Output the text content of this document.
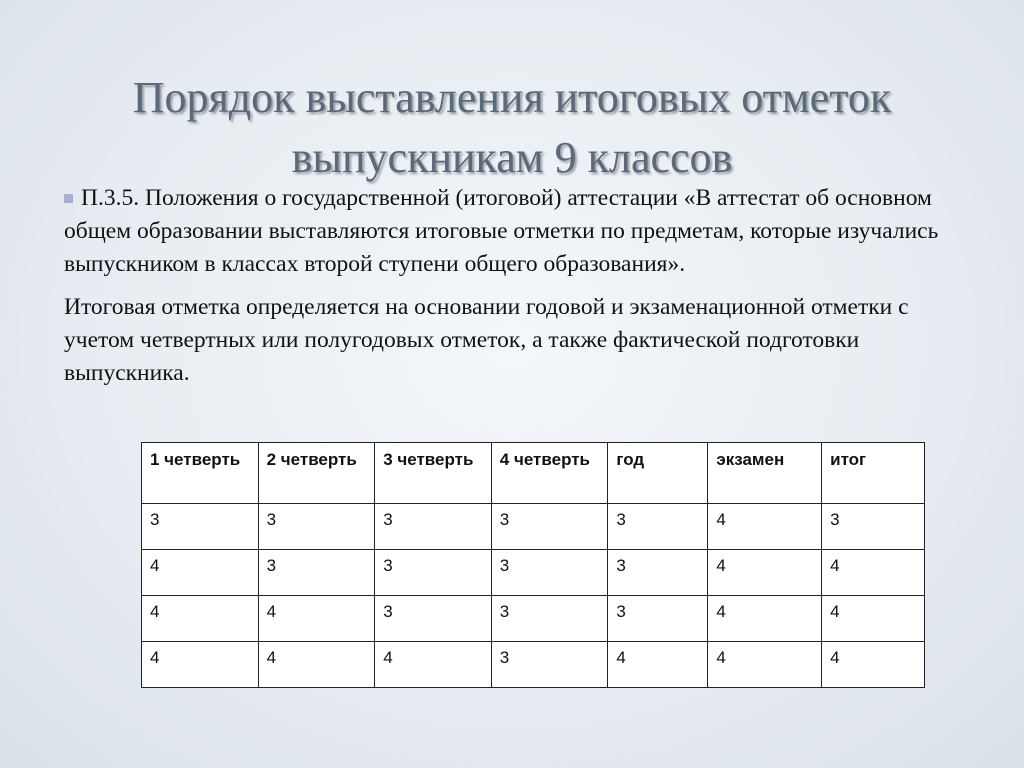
Порядок выставления итоговых отметок
выпускникам 9 классов

П.3.5. Положения о государственной (итоговой) аттестации «В аттестат об основном общем образовании выставляются итоговые отметки по предметам, которые изучались выпускником в классах второй ступени общего образования».

Итоговая отметка определяется на основании годовой и экзаменационной отметки с учетом четвертных или полугодовых отметок, а также фактической подготовки выпускника.

1 четверть	2 четверть	3 четверть	4 четверть	год	экзамен	итог
3	3	3	3	3	4	3
4	3	3	3	3	4	4
4	4	3	3	3	4	4
4	4	4	3	4	4	4
